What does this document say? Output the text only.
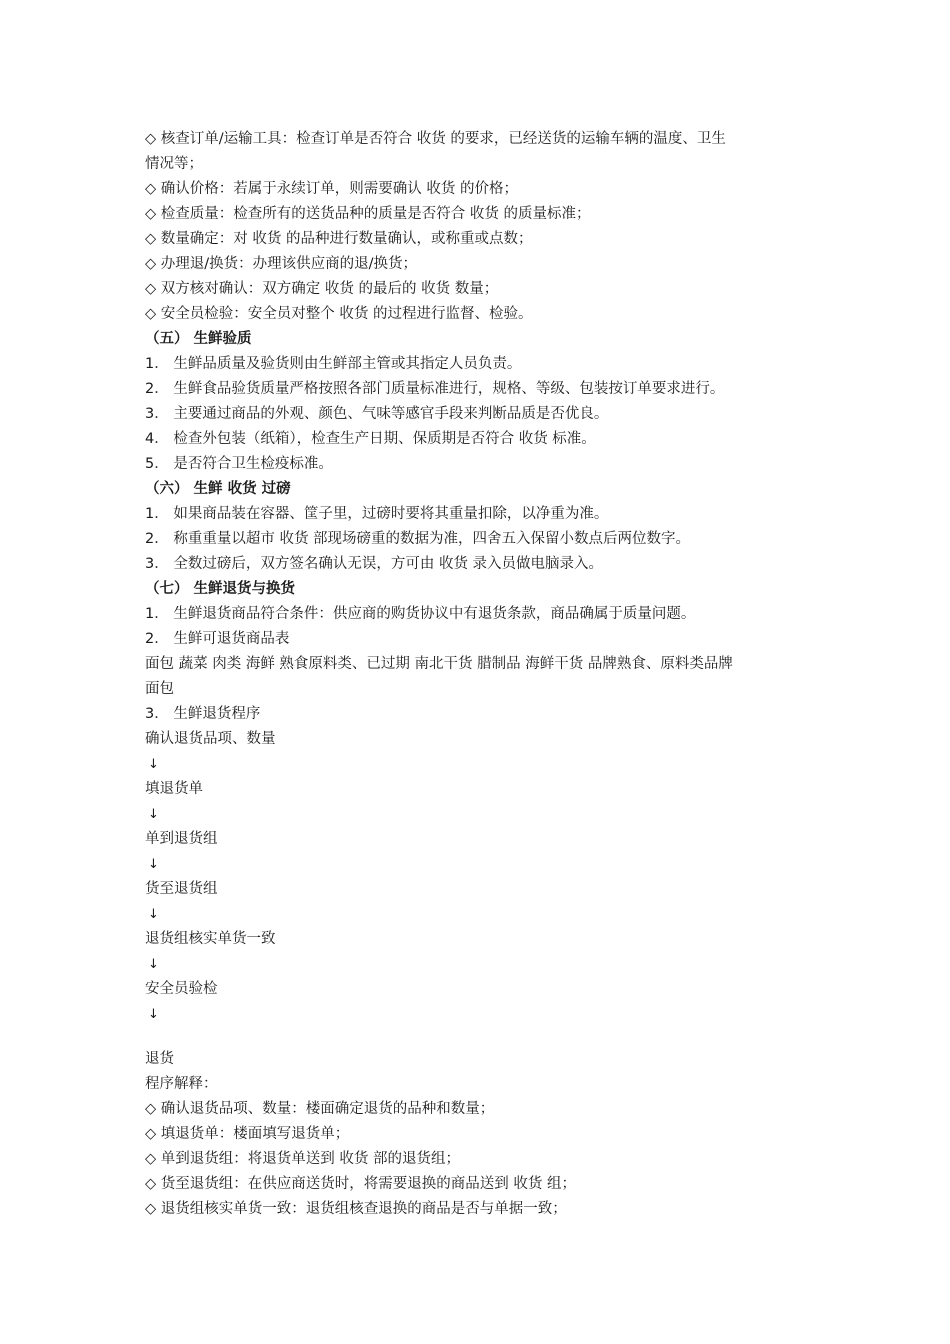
◇ 核查订单/运输工具：检查订单是否符合 收货 的要求，已经送货的运输车辆的温度、卫生
情况等；
◇ 确认价格：若属于永续订单，则需要确认 收货 的价格；
◇ 检查质量：检查所有的送货品种的质量是否符合 收货 的质量标准；
◇ 数量确定：对 收货 的品种进行数量确认，或称重或点数；
◇ 办理退/换货：办理该供应商的退/换货；
◇ 双方核对确认：双方确定 收货 的最后的 收货 数量；
◇ 安全员检验：安全员对整个 收货 的过程进行监督、检验。
（五） 生鲜验质
1． 生鲜品质量及验货则由生鲜部主管或其指定人员负责。
2． 生鲜食品验货质量严格按照各部门质量标准进行，规格、等级、包装按订单要求进行。
3． 主要通过商品的外观、颜色、气味等感官手段来判断品质是否优良。
4． 检查外包装（纸箱），检查生产日期、保质期是否符合 收货 标准。
5． 是否符合卫生检疫标准。
（六） 生鲜 收货 过磅
1． 如果商品装在容器、筐子里，过磅时要将其重量扣除，以净重为准。
2． 称重重量以超市 收货 部现场磅重的数据为准，四舍五入保留小数点后两位数字。
3． 全数过磅后，双方签名确认无误，方可由 收货 录入员做电脑录入。
（七） 生鲜退货与换货
1． 生鲜退货商品符合条件：供应商的购货协议中有退货条款，商品确属于质量问题。
2． 生鲜可退货商品表
面包 蔬菜 肉类 海鲜 熟食原料类、已过期 南北干货 腊制品 海鲜干货 品牌熟食、原料类品牌
面包
3． 生鲜退货程序
确认退货品项、数量
↓
填退货单
↓
单到退货组
↓
货至退货组
↓
退货组核实单货一致
↓
安全员验检
↓
退货
程序解释：
◇ 确认退货品项、数量：楼面确定退货的品种和数量；
◇ 填退货单：楼面填写退货单；
◇ 单到退货组：将退货单送到 收货 部的退货组；
◇ 货至退货组：在供应商送货时，将需要退换的商品送到 收货 组；
◇ 退货组核实单货一致：退货组核查退换的商品是否与单据一致；
